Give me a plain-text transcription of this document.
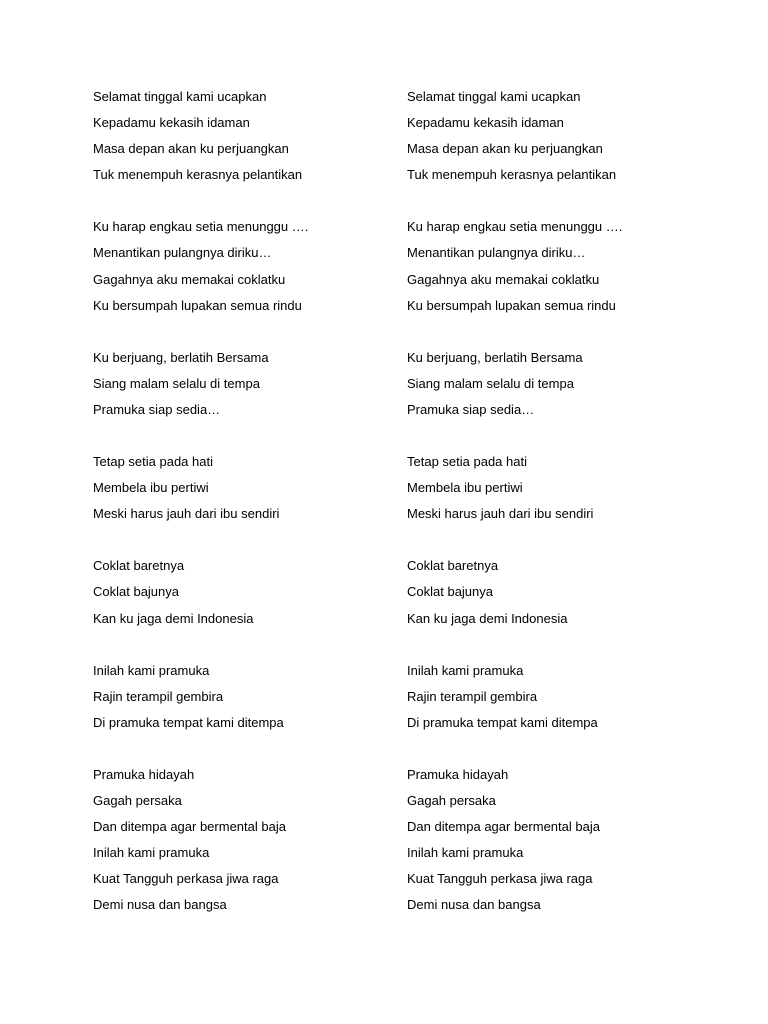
Selamat tinggal kami ucapkan
Kepadamu kekasih idaman
Masa depan akan ku perjuangkan
Tuk menempuh kerasnya pelantikan
Ku harap engkau setia menunggu ….
Menantikan pulangnya diriku…
Gagahnya aku memakai coklatku
Ku bersumpah lupakan semua rindu
Ku berjuang, berlatih Bersama
Siang malam selalu di tempa
Pramuka siap sedia…
Tetap setia pada hati
Membela ibu pertiwi
Meski harus jauh dari ibu sendiri
Coklat baretnya
Coklat bajunya
Kan ku jaga demi Indonesia
Inilah kami pramuka
Rajin terampil gembira
Di pramuka tempat kami ditempa
Pramuka hidayah
Gagah persaka
Dan ditempa agar bermental baja
Inilah kami pramuka
Kuat Tangguh perkasa jiwa raga
Demi nusa dan bangsa
Selamat tinggal kami ucapkan
Kepadamu kekasih idaman
Masa depan akan ku perjuangkan
Tuk menempuh kerasnya pelantikan
Ku harap engkau setia menunggu ….
Menantikan pulangnya diriku…
Gagahnya aku memakai coklatku
Ku bersumpah lupakan semua rindu
Ku berjuang, berlatih Bersama
Siang malam selalu di tempa
Pramuka siap sedia…
Tetap setia pada hati
Membela ibu pertiwi
Meski harus jauh dari ibu sendiri
Coklat baretnya
Coklat bajunya
Kan ku jaga demi Indonesia
Inilah kami pramuka
Rajin terampil gembira
Di pramuka tempat kami ditempa
Pramuka hidayah
Gagah persaka
Dan ditempa agar bermental baja
Inilah kami pramuka
Kuat Tangguh perkasa jiwa raga
Demi nusa dan bangsa
